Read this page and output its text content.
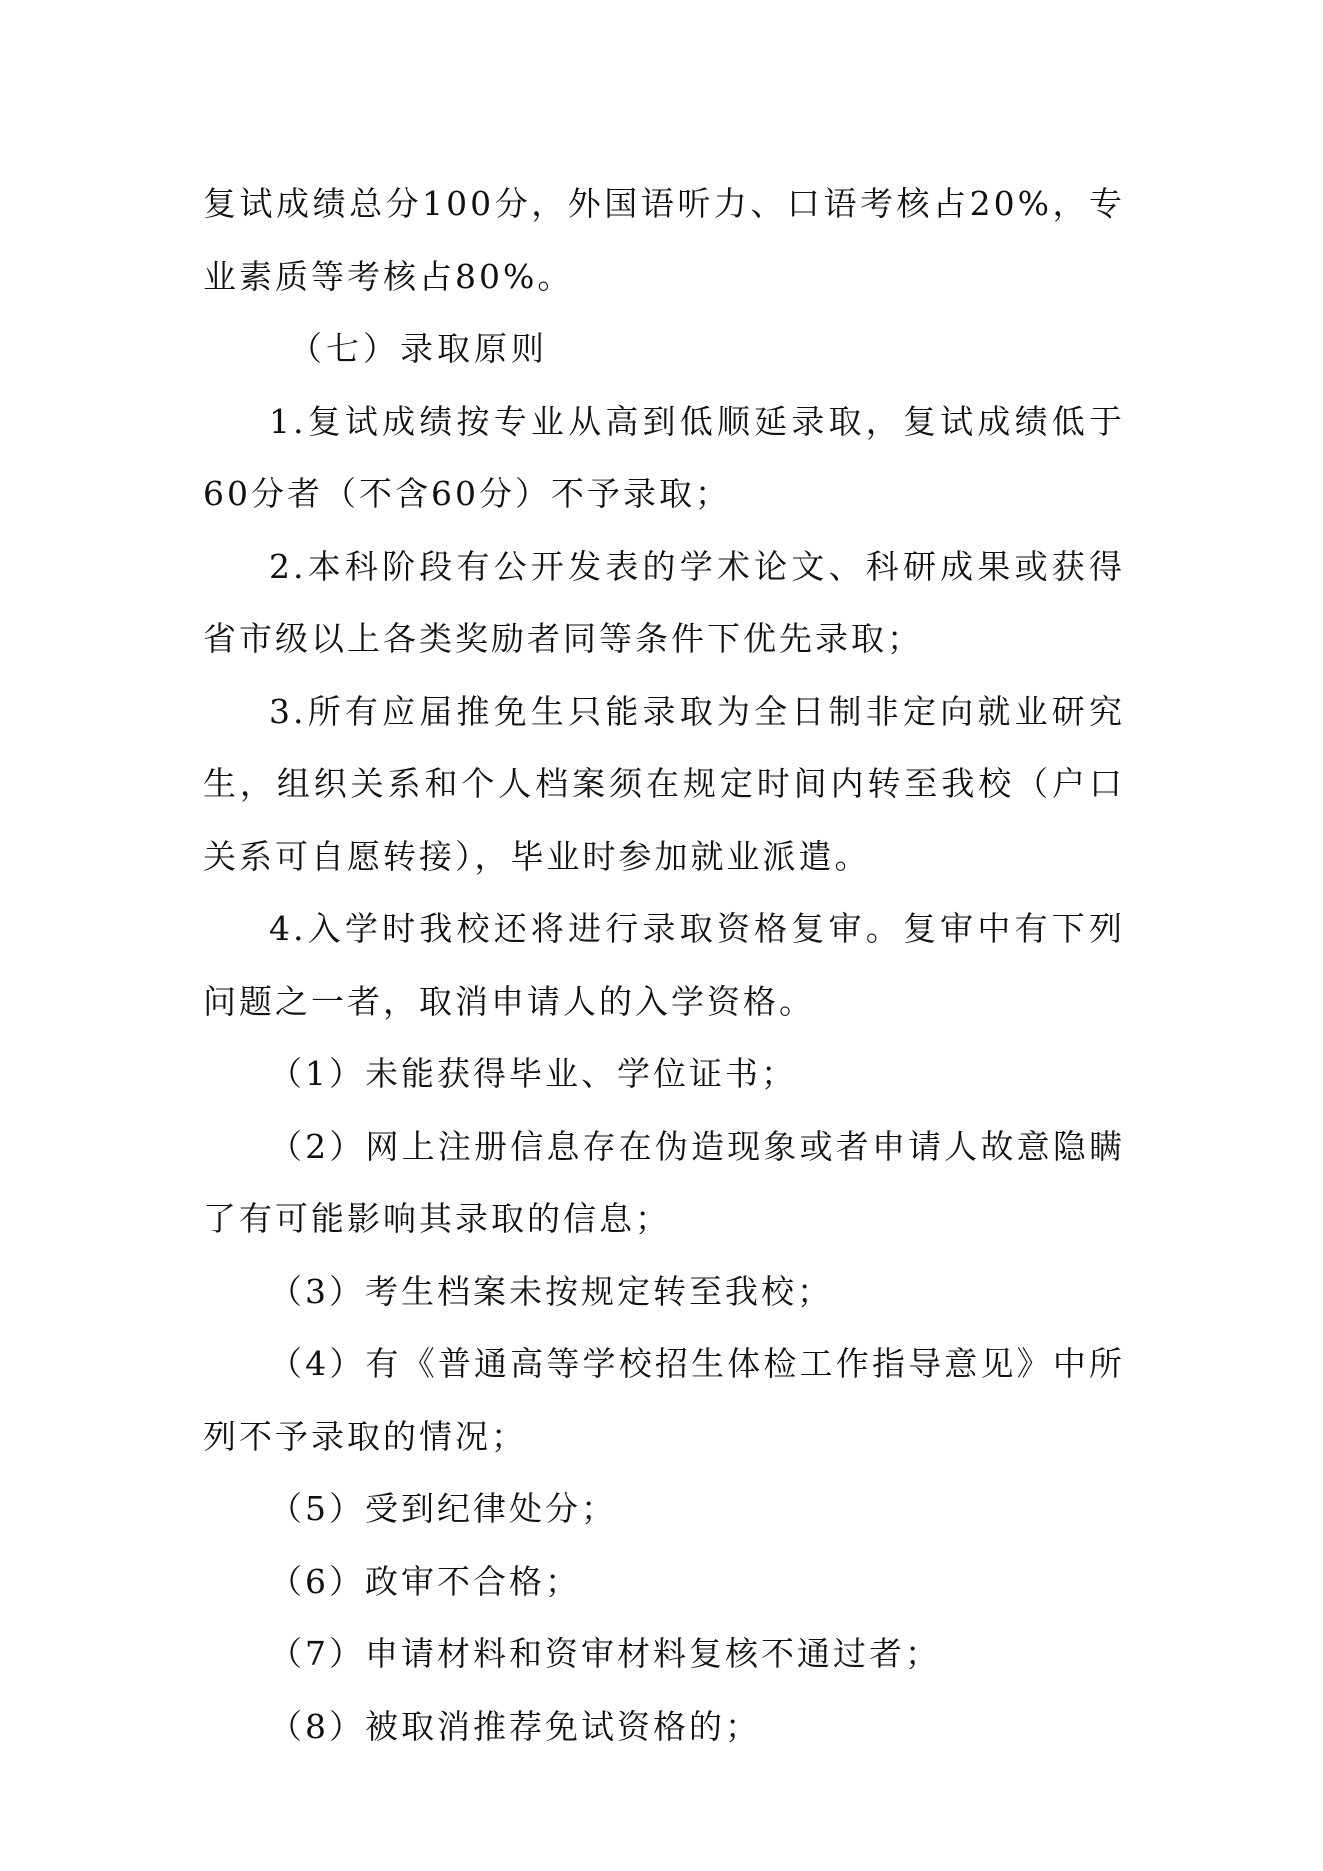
复试成绩总分100分，外国语听力、口语考核占20%，专业素质等考核占80%。

（七）录取原则

1.复试成绩按专业从高到低顺延录取，复试成绩低于60分者（不含60分）不予录取；

2.本科阶段有公开发表的学术论文、科研成果或获得省市级以上各类奖励者同等条件下优先录取；

3.所有应届推免生只能录取为全日制非定向就业研究生，组织关系和个人档案须在规定时间内转至我校（户口关系可自愿转接），毕业时参加就业派遣。

4.入学时我校还将进行录取资格复审。复审中有下列问题之一者，取消申请人的入学资格。

（1）未能获得毕业、学位证书；

（2）网上注册信息存在伪造现象或者申请人故意隐瞒了有可能影响其录取的信息；

（3）考生档案未按规定转至我校；

（4）有《普通高等学校招生体检工作指导意见》中所列不予录取的情况；

（5）受到纪律处分；

（6）政审不合格；

（7）申请材料和资审材料复核不通过者；

（8）被取消推荐免试资格的；
